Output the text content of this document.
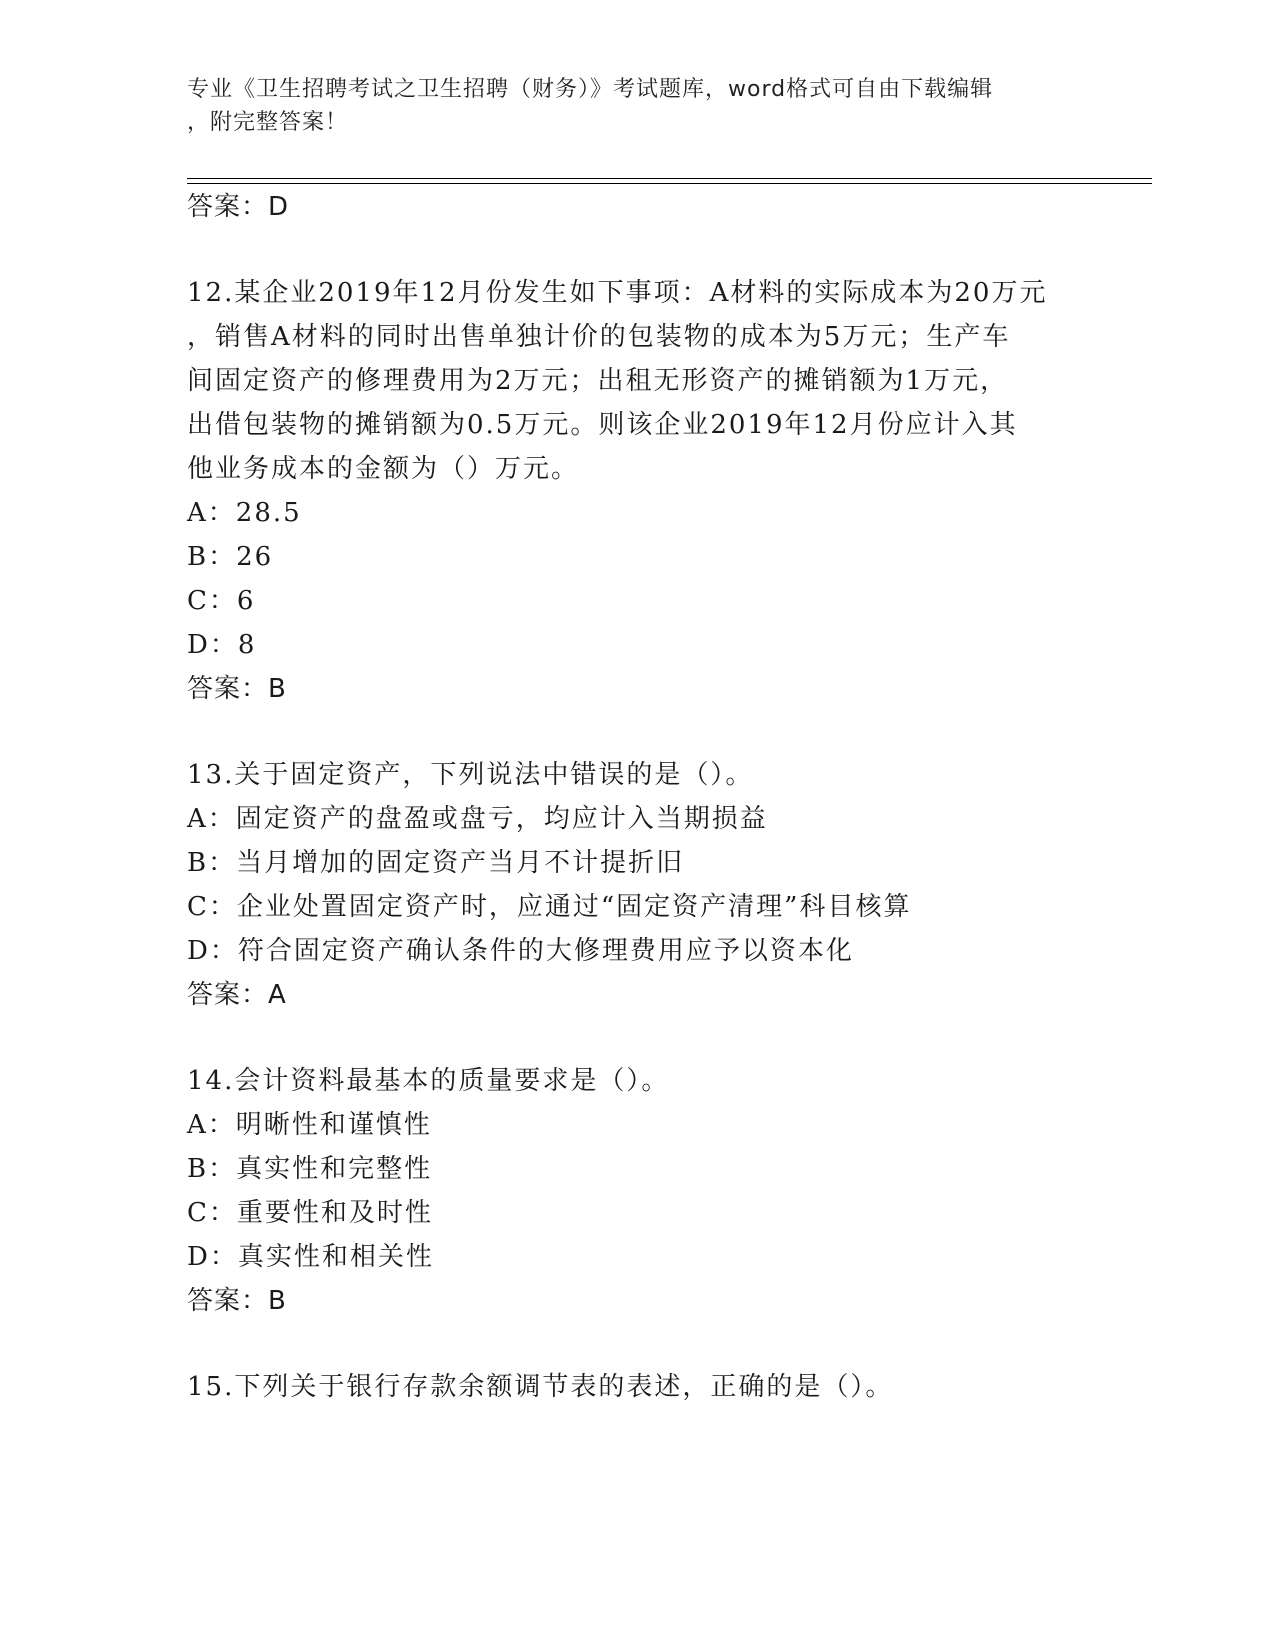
专业《卫生招聘考试之卫生招聘（财务）》考试题库，word格式可自由下载编辑
，附完整答案！
答案：D
12.某企业2019年12月份发生如下事项：A材料的实际成本为20万元
，销售A材料的同时出售单独计价的包装物的成本为5万元；生产车
间固定资产的修理费用为2万元；出租无形资产的摊销额为1万元，
出借包装物的摊销额为0.5万元。则该企业2019年12月份应计入其
他业务成本的金额为（）万元。
A：28.5
B：26
C：6
D：8
答案：B
13.关于固定资产，下列说法中错误的是（）。
A：固定资产的盘盈或盘亏，均应计入当期损益
B：当月增加的固定资产当月不计提折旧
C：企业处置固定资产时，应通过“固定资产清理”科目核算
D：符合固定资产确认条件的大修理费用应予以资本化
答案：A
14.会计资料最基本的质量要求是（）。
A：明晰性和谨慎性
B：真实性和完整性
C：重要性和及时性
D：真实性和相关性
答案：B
15.下列关于银行存款余额调节表的表述，正确的是（）。
